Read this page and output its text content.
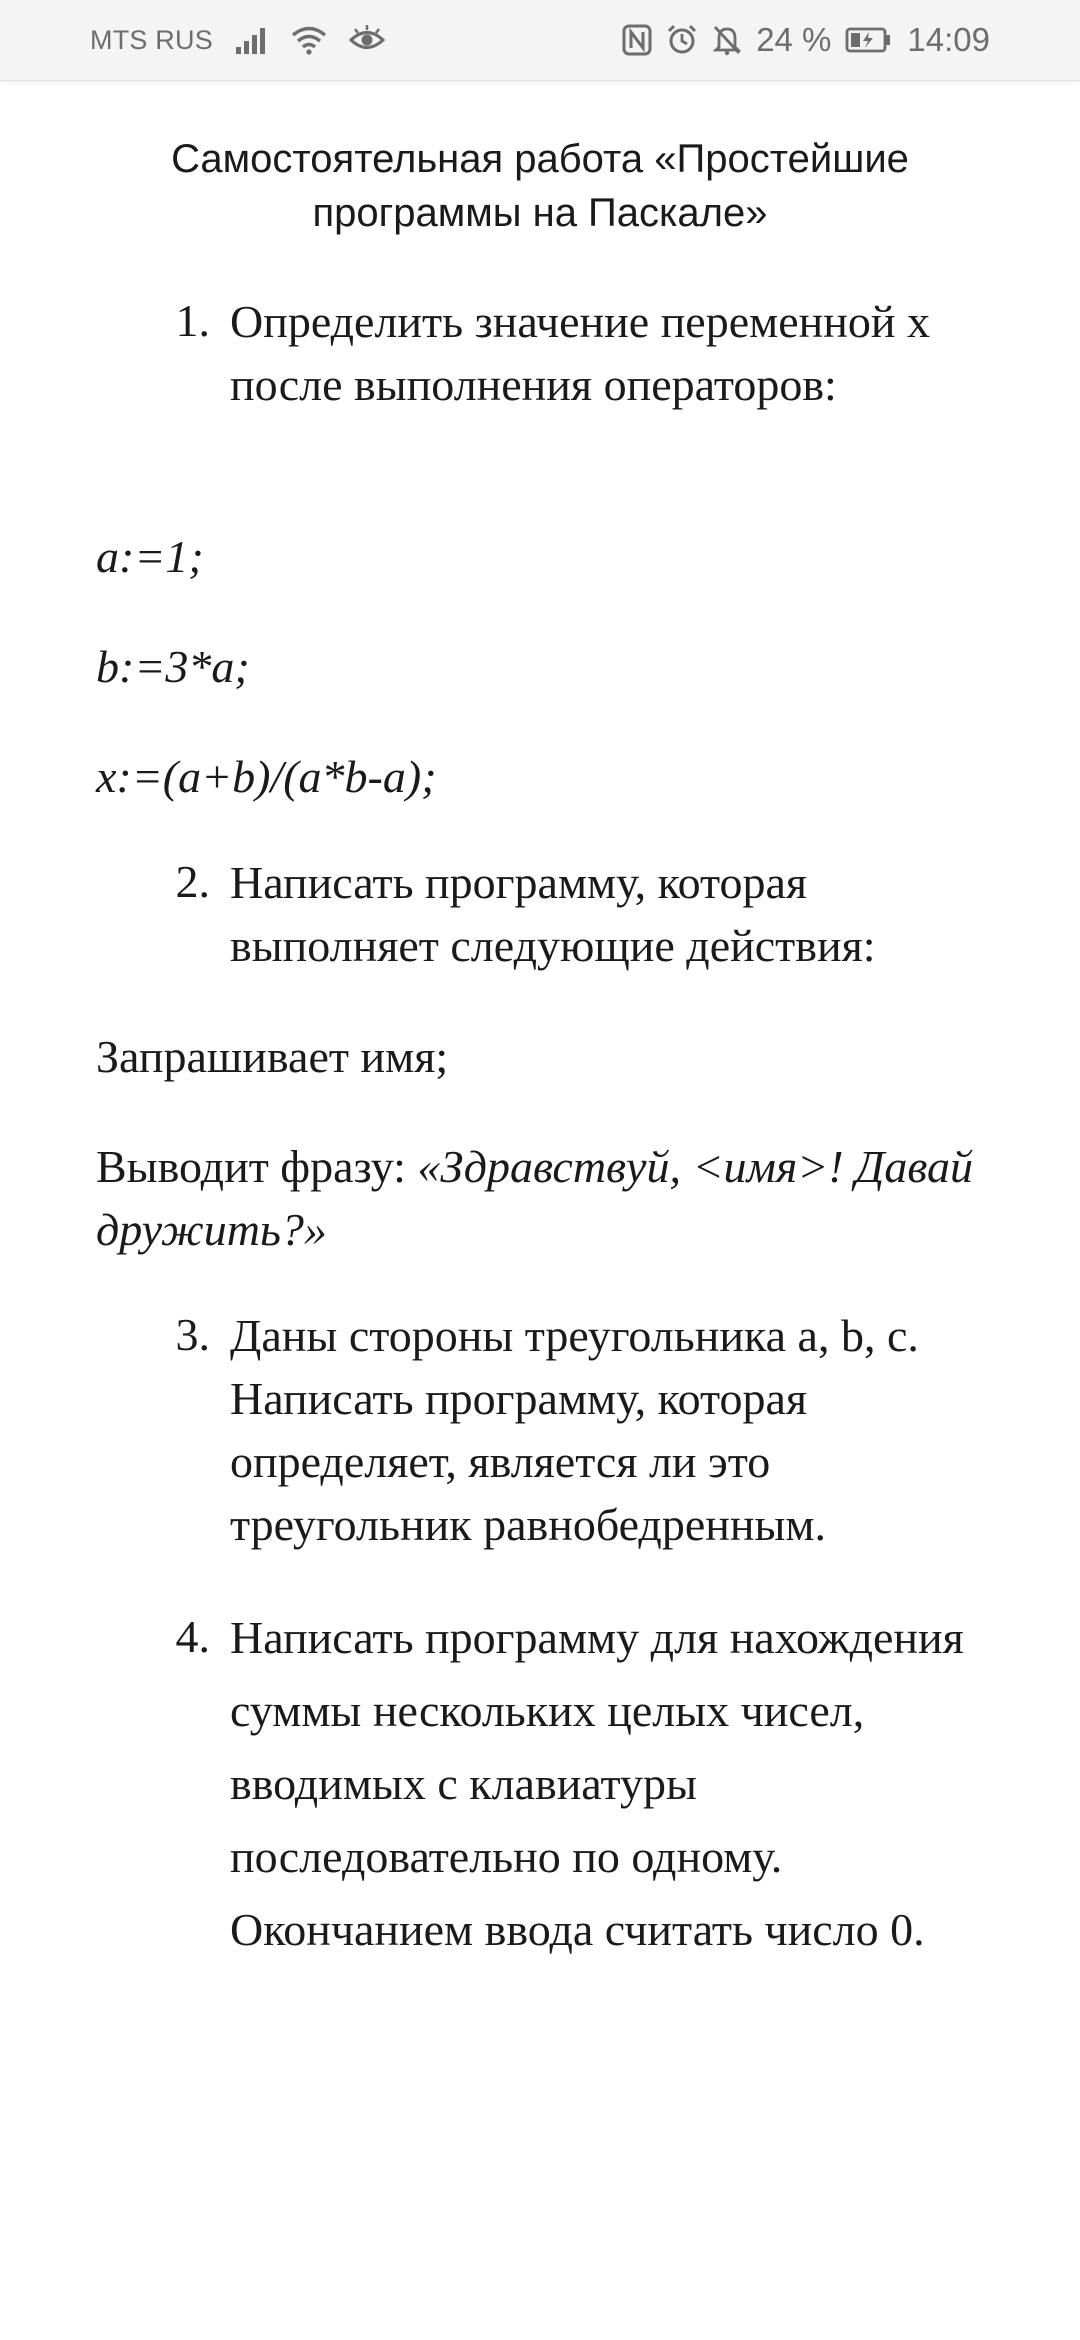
MTS RUS	24 % 14:09
Самостоятельная работа «Простейшие программы на Паскале»
1. Определить значение переменной x после выполнения операторов:
a:=1;
b:=3*a;
x:=(a+b)/(a*b-a);
2. Написать программу, которая выполняет следующие действия:
Запрашивает имя;
Выводит фразу: «Здравствуй, <имя>! Давай дружить?»
3. Даны стороны треугольника a, b, c. Написать программу, которая определяет, является ли это треугольник равнобедренным.
4. Написать программу для нахождения суммы нескольких целых чисел, вводимых с клавиатуры последовательно по одному. Окончанием ввода считать число 0.
